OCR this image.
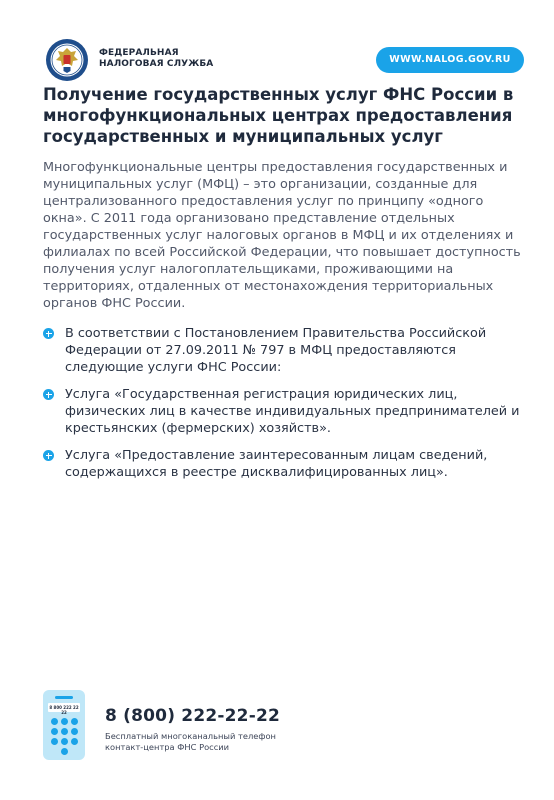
ФЕДЕРАЛЬНАЯ
НАЛОГОВАЯ СЛУЖБА	WWW.NALOG.GOV.RU
Получение государственных услуг ФНС России в многофункциональных центрах предоставления государственных и муниципальных услуг

Многофункциональные центры предоставления государственных и муниципальных услуг (МФЦ) – это организации, созданные для централизованного предоставления услуг по принципу «одного окна». С 2011 года организовано представление отдельных государственных услуг налоговых органов в МФЦ и их отделениях и филиалах по всей Российской Федерации, что повышает доступность получения услуг налогоплательщиками, проживающими на территориях, отдаленных от местонахождения территориальных органов ФНС России.

В соответствии с Постановлением Правительства Российской Федерации от 27.09.2011 № 797 в МФЦ предоставляются следующие услуги ФНС России:
Услуга «Государственная регистрация юридических лиц, физических лиц в качестве индивидуальных предпринимателей и крестьянских (фермерских) хозяйств».
Услуга «Предоставление заинтересованным лицам сведений, содержащихся в реестре дисквалифицированных лиц».
8 800 222 22 22	8 (800) 222-22-22
Бесплатный многоканальный телефон
контакт-центра ФНС России
